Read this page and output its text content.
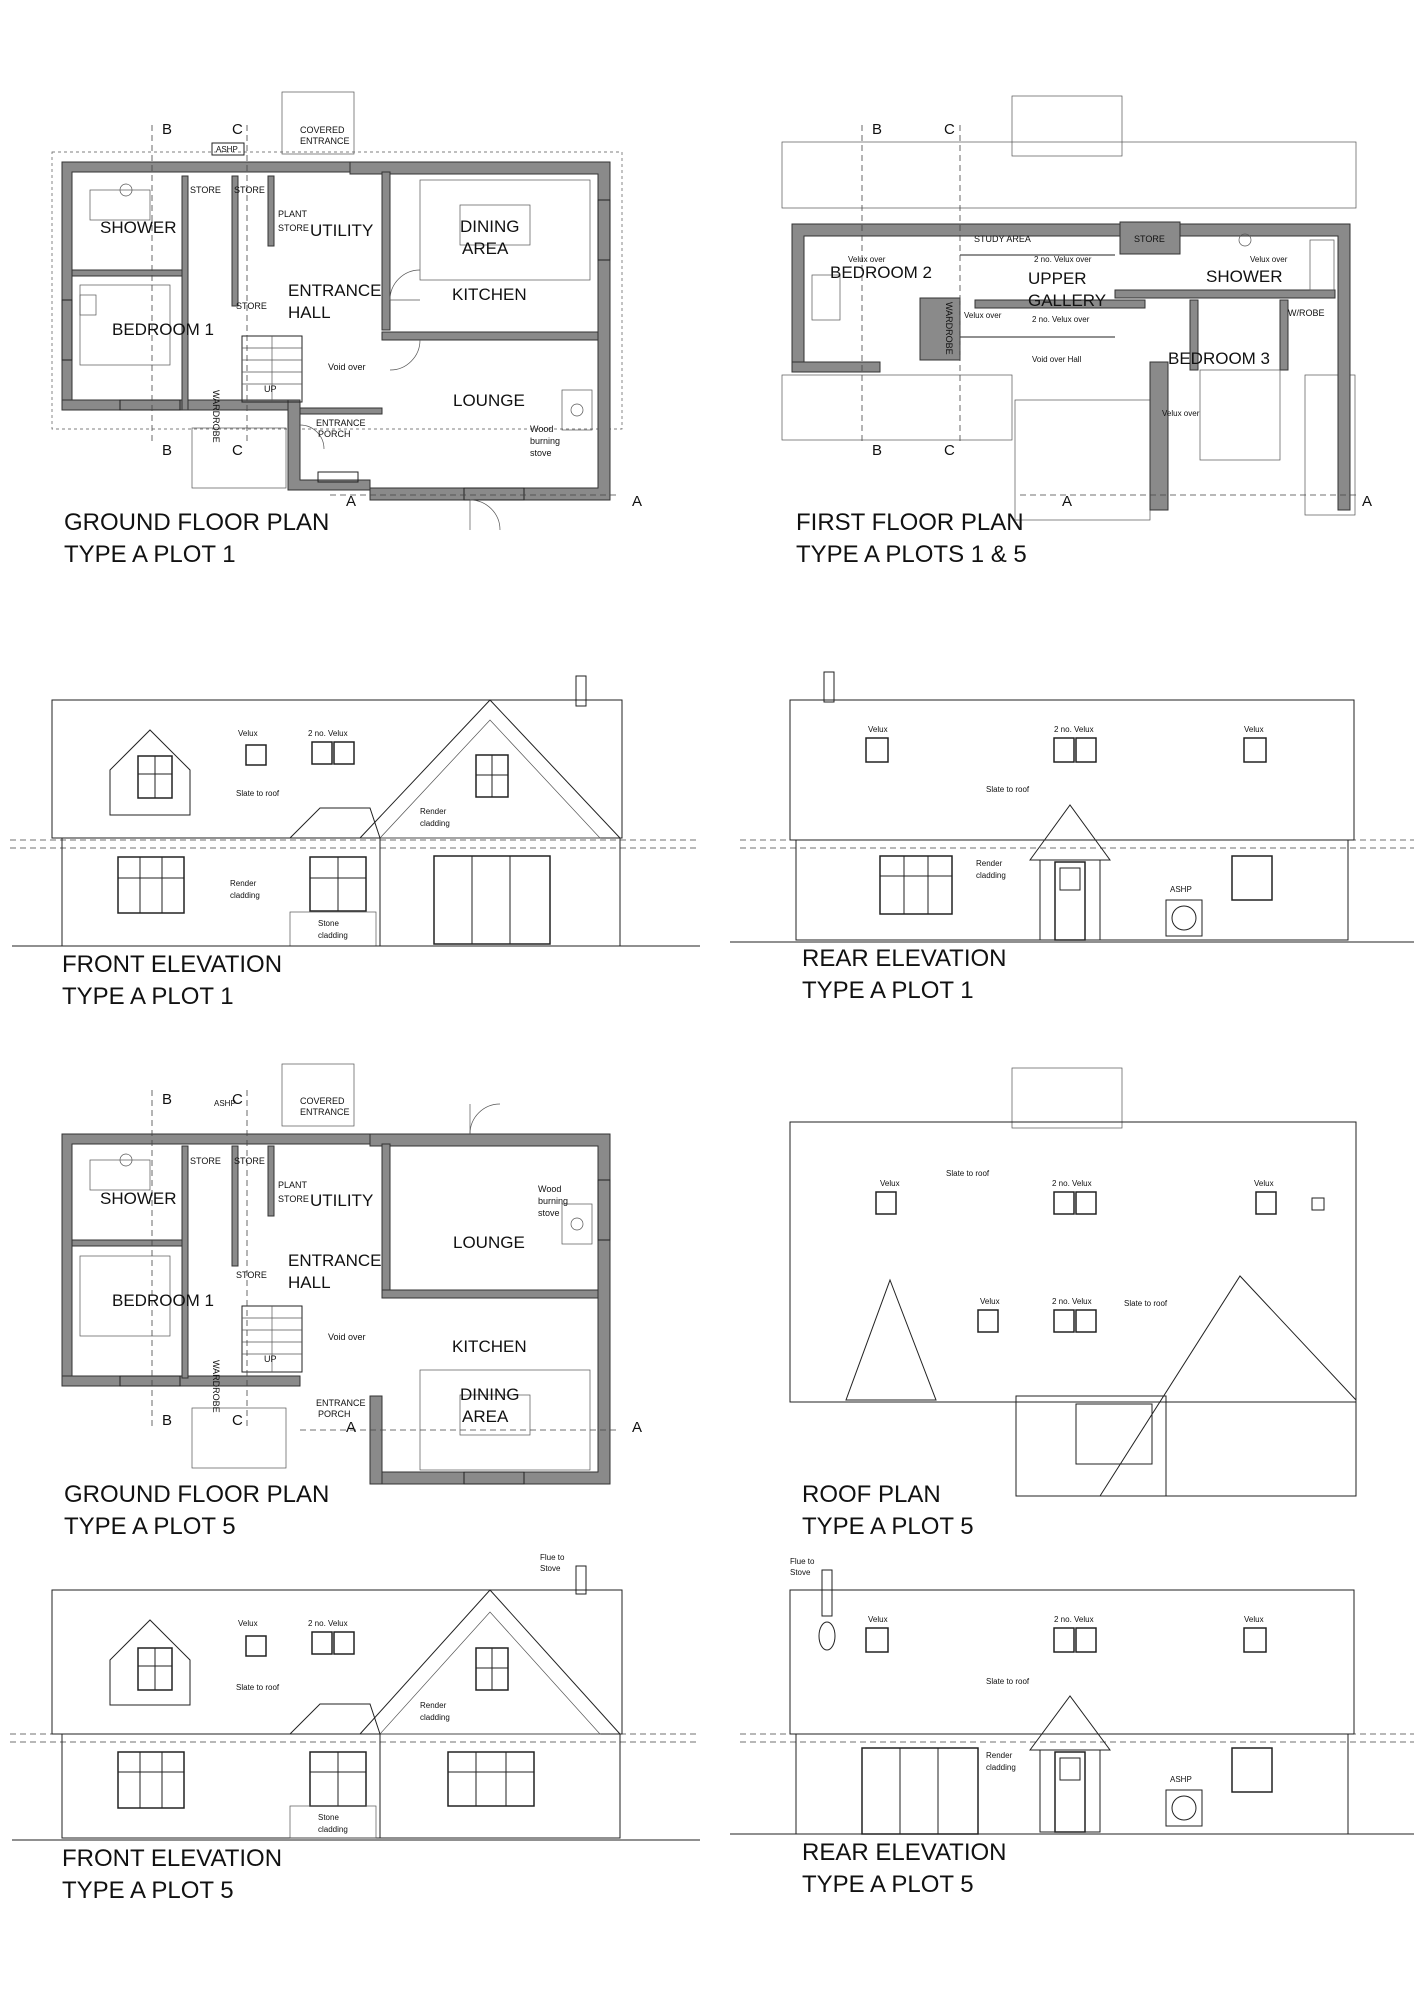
B	C
B	C
A	A
COVERED
ENTRANCE
ASHP
STORE STORE
SHOWER
PLANT
STORE UTILITY	DINING
AREA
ENTRANCE
HALL
KITCHEN
STORE
BEDROOM 1
Void over
UP
LOUNGE
ENTRANCE
PORCH	Wood
burning
stove
WARDROBE
GROUND FLOOR PLAN
TYPE A PLOT 1
B	C
B	C
A	A
STUDY AREA	STORE
2 no. Velux over
Velux over	Velux over
BEDROOM 2	UPPER
GALLERY
SHOWER
W/ROBE
Velux over	2 no. Velux over
Void over Hall	BEDROOM 3
Velux over
WARDROBE
FIRST FLOOR PLAN
TYPE A PLOTS 1 & 5
Velux	2 no. Velux
Slate to roof
Render
cladding
Render
cladding
Stone
cladding
FRONT ELEVATION
TYPE A PLOT 1
Velux	2 no. Velux	Velux
Slate to roof
Render
cladding
ASHP
REAR ELEVATION
TYPE A PLOT 1
B	C
B	C	A	A
ASHP	COVERED
ENTRANCE
STORE STORE
SHOWER
PLANT
STORE UTILITY
Wood
burning
stove
LOUNGE
ENTRANCE
HALL
STORE
BEDROOM 1
Void over
UP
KITCHEN
DINING
AREA
ENTRANCE
PORCH
WARDROBE
GROUND FLOOR PLAN
TYPE A PLOT 5
Velux
Slate to roof
2 no. Velux	Velux
Velux	2 no. Velux	Slate to roof
ROOF PLAN
TYPE A PLOT 5
Flue to
Stove
Velux	2 no. Velux
Slate to roof
Render
cladding
Stone
cladding
FRONT ELEVATION
TYPE A PLOT 5
Flue to
Stove
Velux	2 no. Velux	Velux
Slate to roof
Render
cladding
ASHP
REAR ELEVATION
TYPE A PLOT 5
